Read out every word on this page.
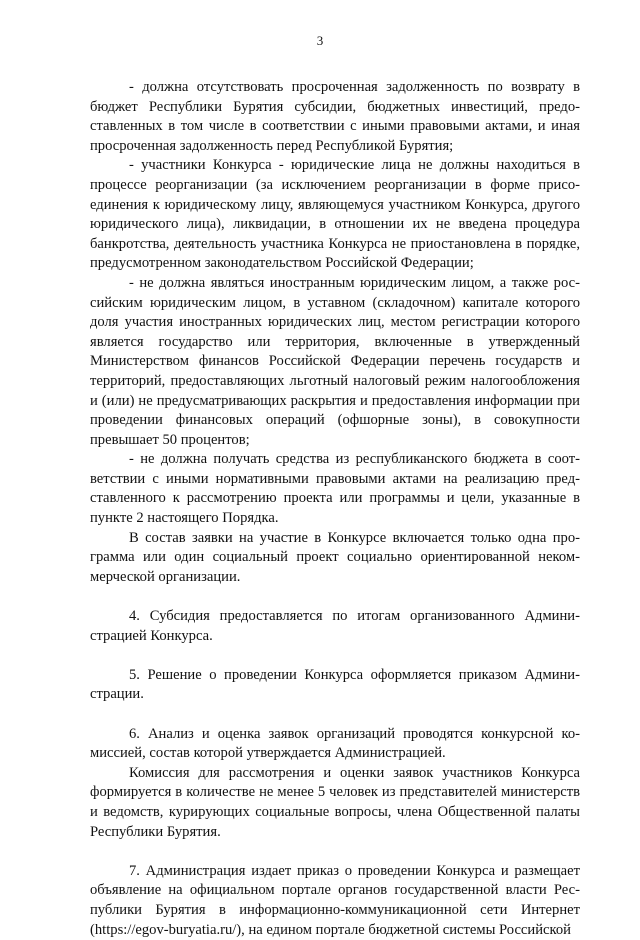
3

- должна отсутствовать просроченная задолженность по возврату в бюджет Республики Бурятия субсидии, бюджетных инвестиций, предоставленных в том числе в соответствии с иными правовыми актами, и иная просроченная задолженность перед Республикой Бурятия;

- участники Конкурса - юридические лица не должны находиться в процессе реорганизации (за исключением реорганизации в форме присоединения к юридическому лицу, являющемуся участником Конкурса, другого юридического лица), ликвидации, в отношении их не введена процедура банкротства, деятельность участника Конкурса не приостановлена в порядке, предусмотренном законодательством Российской Федерации;

- не должна являться иностранным юридическим лицом, а также российским юридическим лицом, в уставном (складочном) капитале которого доля участия иностранных юридических лиц, местом регистрации которого является государство или территория, включенные в утвержденный Министерством финансов Российской Федерации перечень государств и территорий, предоставляющих льготный налоговый режим налогообложения и (или) не предусматривающих раскрытия и предоставления информации при проведении финансовых операций (офшорные зоны), в совокупности превышает 50 процентов;

- не должна получать средства из республиканского бюджета в соответствии с иными нормативными правовыми актами на реализацию представленного к рассмотрению проекта или программы и цели, указанные в пункте 2 настоящего Порядка.

В состав заявки на участие в Конкурсе включается только одна программа или один социальный проект социально ориентированной некоммерческой организации.

4. Субсидия предоставляется по итогам организованного Администрацией Конкурса.

5. Решение о проведении Конкурса оформляется приказом Администрации.

6. Анализ и оценка заявок организаций проводятся конкурсной комиссией, состав которой утверждается Администрацией.

Комиссия для рассмотрения и оценки заявок участников Конкурса формируется в количестве не менее 5 человек из представителей министерств и ведомств, курирующих социальные вопросы, члена Общественной палаты Республики Бурятия.

7. Администрация издает приказ о проведении Конкурса и размещает объявление на официальном портале органов государственной власти Республики Бурятия в информационно-коммуникационной сети Интернет (https://egov-buryatia.ru/), на едином портале бюджетной системы Российской
